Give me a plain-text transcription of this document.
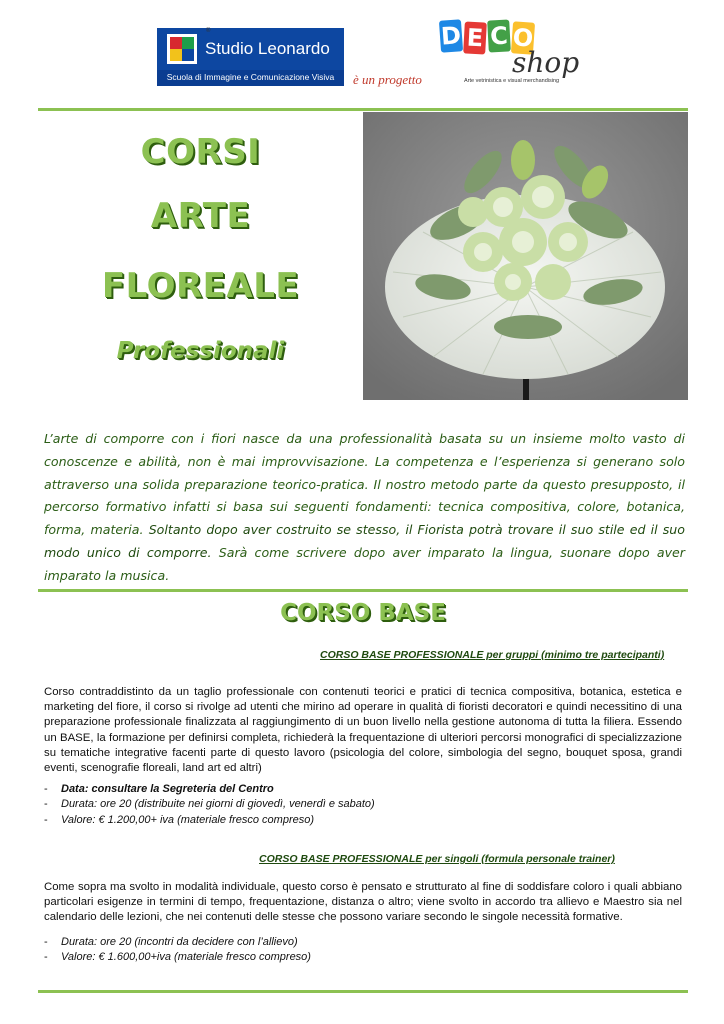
Studio Leonardo
Scuola di Immagine e Comunicazione Visiva
®
è un progetto
D E C O
shop
Arte vetrinistica e visual merchandising
CORSI
ARTE
FLOREALE
Professionali
L’arte di comporre con i fiori nasce da una professionalità basata su un insieme molto vasto di conoscenze e abilità, non è mai improvvisazione. La competenza e l’esperienza si generano solo attraverso una solida preparazione teorico-pratica. Il nostro metodo parte da questo presupposto, il percorso formativo infatti si basa sui seguenti fondamenti: tecnica compositiva, colore, botanica, forma, materia. Soltanto dopo aver costruito se stesso, il Fiorista potrà trovare il suo stile ed il suo modo unico di comporre. Sarà come scrivere dopo aver imparato la lingua, suonare dopo aver imparato la musica.
CORSO BASE
CORSO BASE PROFESSIONALE per gruppi (minimo tre partecipanti)
Corso contraddistinto da un taglio professionale con contenuti teorici e pratici di tecnica compositiva, botanica, estetica e marketing del fiore, il corso si rivolge ad utenti che mirino ad operare in qualità di fioristi decoratori e quindi necessitino di una preparazione professionale finalizzata al raggiungimento di un buon livello nella gestione autonoma di tutta la filiera. Essendo un BASE, la formazione per definirsi completa, richiederà la frequentazione di ulteriori percorsi monografici di specializzazione su tematiche integrative facenti parte di questo lavoro (psicologia del colore, simbologia del segno, bouquet sposa, grandi eventi, scenografie floreali, land art ed altri)
- Data: consultare la Segreteria del Centro
- Durata: ore 20 (distribuite nei giorni di giovedì, venerdì e sabato)
- Valore: € 1.200,00+ iva (materiale fresco compreso)
CORSO BASE PROFESSIONALE per singoli (formula personale trainer)
Come sopra ma svolto in modalità individuale, questo corso è pensato e strutturato al fine di soddisfare coloro i quali abbiano particolari esigenze in termini di tempo, frequentazione, distanza o altro; viene svolto in accordo tra allievo e Maestro sia nel calendario delle lezioni, che nei contenuti delle stesse che possono variare secondo le singole necessità formative.
- Durata: ore 20 (incontri da decidere con l’allievo)
- Valore: € 1.600,00+iva (materiale fresco compreso)
